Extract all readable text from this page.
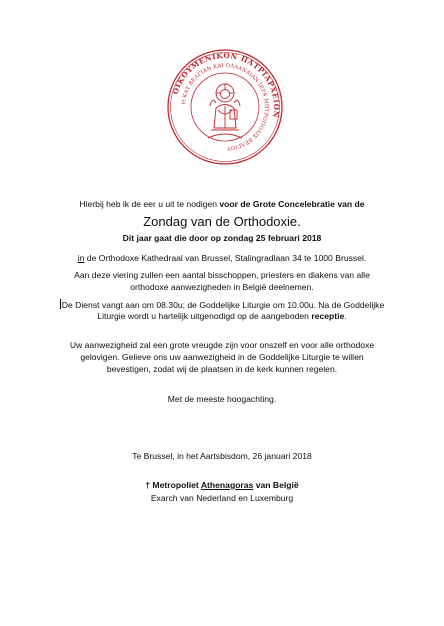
ΟΙΚΟΥΜΕΝΙΚΟΝ ΠΑΤΡΙΑΡΧΕΙΟΝ
Η ΚΑΤ ΒΕΛΓΙΑΝ ΚΑΙ ΟΛΛΑΝΔΙΑΝ ΙΕΡΑ ΜΗΤΡΟΠΟΛΙΣ ΒΕΛΓΙΟΥ
Hierbij heb ik de eer u uit te nodigen voor de Grote Concelebratie van de
Zondag van de Orthodoxie.
Dit jaar gaat die door op zondag 25 februari 2018
in de Orthodoxe Kathedraal van Brussel, Stalingradlaan 34 te 1000 Brussel.
Aan deze viering zullen een aantal bisschoppen, priesters en diakens van alle
orthodoxe aanwezigheden in België deelnemen.
De Dienst vangt aan om 08.30u; de Goddelijke Liturgie om 10.00u. Na de Goddelijke
Liturgie wordt u hartelijk uitgenodigd op de aangeboden receptie.
Uw aanwezigheid zal een grote vreugde zijn voor onszelf en voor alle orthodoxe
gelovigen. Gelieve ons uw aanwezigheid in de Goddelijke Liturgie te willen
bevestigen, zodat wij de plaatsen in de kerk kunnen regelen.
Met de meeste hoogachting.
Te Brussel, in het Aartsbisdom, 26 januari 2018
† Metropoliet Athenagoras van België
Exarch van Nederland en Luxemburg
